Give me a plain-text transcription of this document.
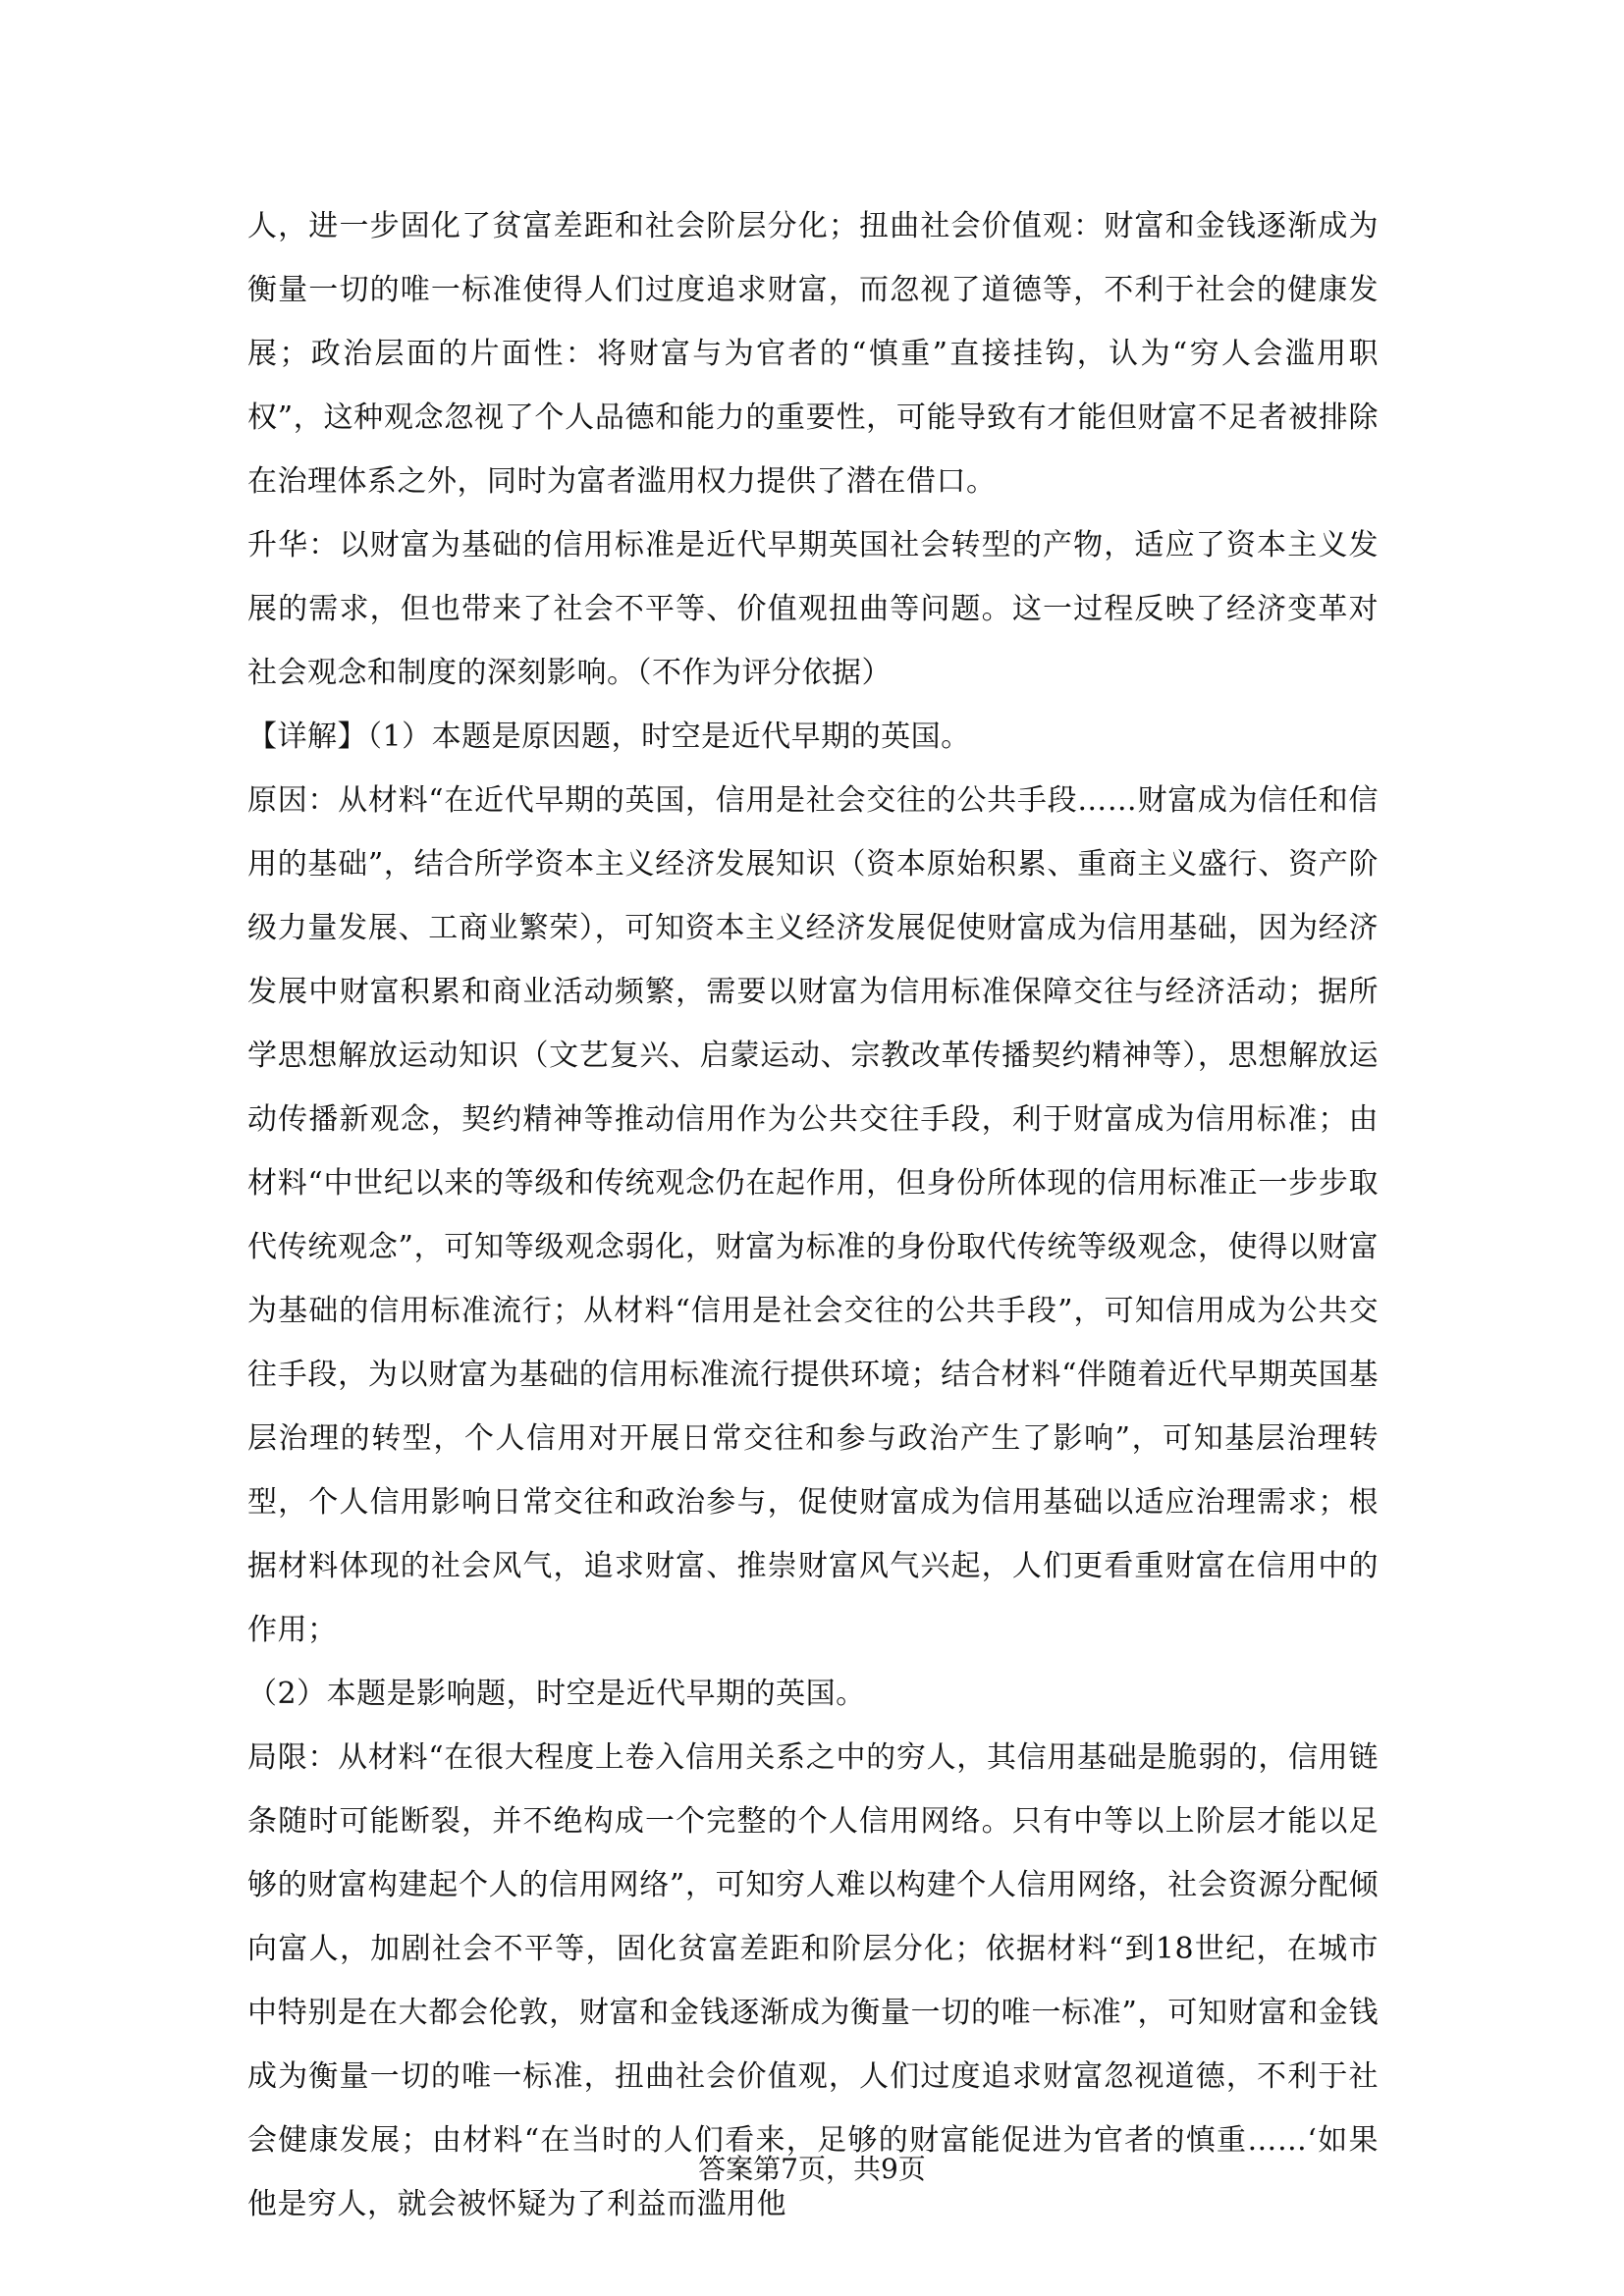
人，进一步固化了贫富差距和社会阶层分化；扭曲社会价值观：财富和金钱逐渐成为衡量一切的唯一标准使得人们过度追求财富，而忽视了道德等，不利于社会的健康发展；政治层面的片面性：将财富与为官者的“慎重”直接挂钩，认为“穷人会滥用职权”，这种观念忽视了个人品德和能力的重要性，可能导致有才能但财富不足者被排除在治理体系之外，同时为富者滥用权力提供了潜在借口。

升华：以财富为基础的信用标准是近代早期英国社会转型的产物，适应了资本主义发展的需求，但也带来了社会不平等、价值观扭曲等问题。这一过程反映了经济变革对社会观念和制度的深刻影响。（不作为评分依据）

【详解】（1）本题是原因题，时空是近代早期的英国。

原因：从材料“在近代早期的英国，信用是社会交往的公共手段……财富成为信任和信用的基础”，结合所学资本主义经济发展知识（资本原始积累、重商主义盛行、资产阶级力量发展、工商业繁荣），可知资本主义经济发展促使财富成为信用基础，因为经济发展中财富积累和商业活动频繁，需要以财富为信用标准保障交往与经济活动；据所学思想解放运动知识（文艺复兴、启蒙运动、宗教改革传播契约精神等），思想解放运动传播新观念，契约精神等推动信用作为公共交往手段，利于财富成为信用标准；由材料“中世纪以来的等级和传统观念仍在起作用，但身份所体现的信用标准正一步步取代传统观念”，可知等级观念弱化，财富为标准的身份取代传统等级观念，使得以财富为基础的信用标准流行；从材料“信用是社会交往的公共手段”，可知信用成为公共交往手段，为以财富为基础的信用标准流行提供环境；结合材料“伴随着近代早期英国基层治理的转型，个人信用对开展日常交往和参与政治产生了影响”，可知基层治理转型，个人信用影响日常交往和政治参与，促使财富成为信用基础以适应治理需求；根据材料体现的社会风气，追求财富、推崇财富风气兴起，人们更看重财富在信用中的作用；

（2）本题是影响题，时空是近代早期的英国。

局限：从材料“在很大程度上卷入信用关系之中的穷人，其信用基础是脆弱的，信用链条随时可能断裂，并不绝构成一个完整的个人信用网络。只有中等以上阶层才能以足够的财富构建起个人的信用网络”，可知穷人难以构建个人信用网络，社会资源分配倾向富人，加剧社会不平等，固化贫富差距和阶层分化；依据材料“到18世纪，在城市中特别是在大都会伦敦，财富和金钱逐渐成为衡量一切的唯一标准”，可知财富和金钱成为衡量一切的唯一标准，扭曲社会价值观，人们过度追求财富忽视道德，不利于社会健康发展；由材料“在当时的人们看来，足够的财富能促进为官者的慎重……‘如果他是穷人，就会被怀疑为了利益而滥用他

答案第7页，共9页
